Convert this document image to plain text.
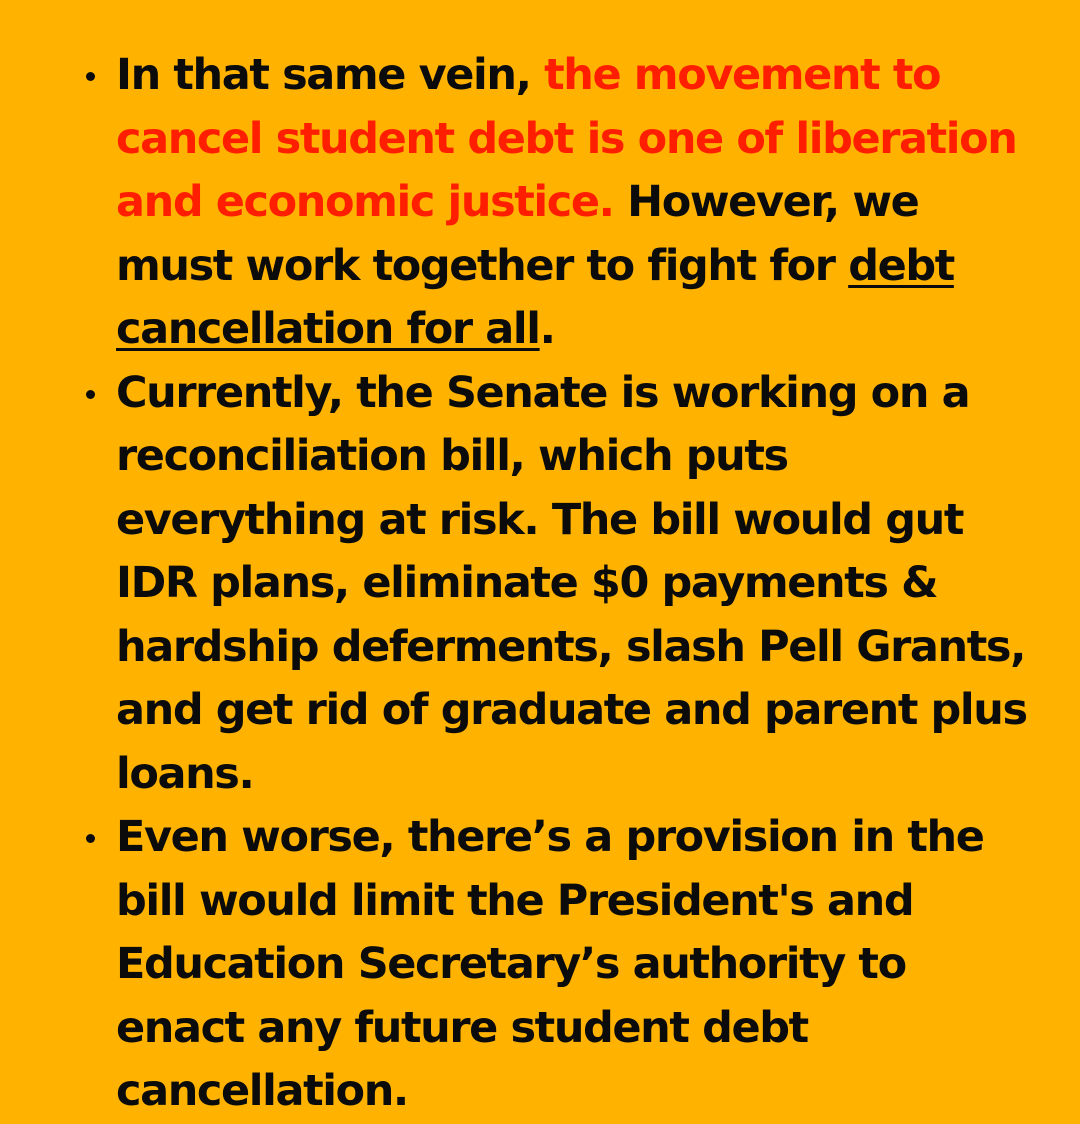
In that same vein, the movement to cancel student debt is one of liberation and economic justice. However, we must work together to fight for debt cancellation for all.
Currently, the Senate is working on a reconciliation bill, which puts everything at risk. The bill would gut IDR plans, eliminate $0 payments & hardship deferments, slash Pell Grants, and get rid of graduate and parent plus loans.
Even worse, there’s a provision in the bill would limit the President's and Education Secretary’s authority to enact any future student debt cancellation.
